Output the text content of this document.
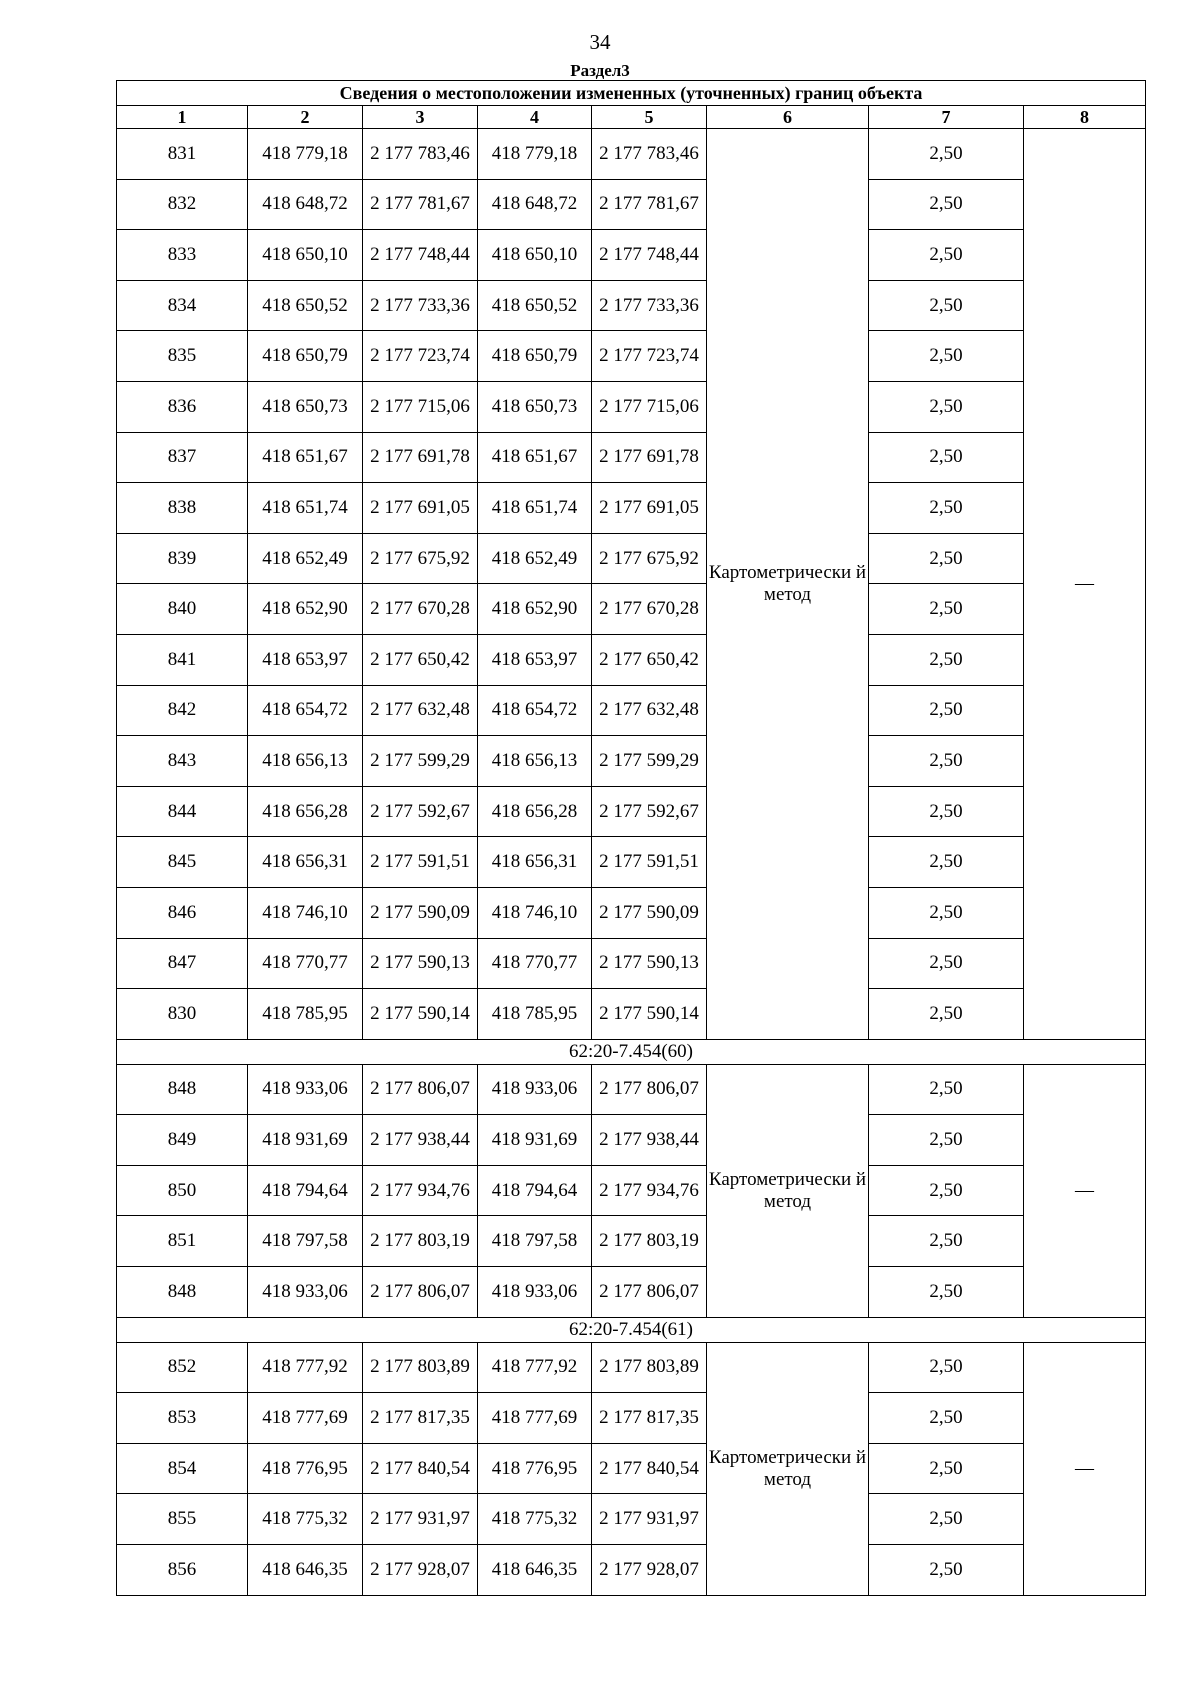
34
Сведения о местоположении измененных (уточненных) границ объекта							
1	2	3	4	5	6	7	8
831	418 779,18	2 177 783,46	418 779,18	2 177 783,46	Картометрически й метод	2,50	—
832	418 648,72	2 177 781,67	418 648,72	2 177 781,67		2,50	
833	418 650,10	2 177 748,44	418 650,10	2 177 748,44		2,50	
834	418 650,52	2 177 733,36	418 650,52	2 177 733,36		2,50	
835	418 650,79	2 177 723,74	418 650,79	2 177 723,74		2,50	
836	418 650,73	2 177 715,06	418 650,73	2 177 715,06		2,50	
837	418 651,67	2 177 691,78	418 651,67	2 177 691,78		2,50	
838	418 651,74	2 177 691,05	418 651,74	2 177 691,05		2,50	
839	418 652,49	2 177 675,92	418 652,49	2 177 675,92		2,50	
840	418 652,90	2 177 670,28	418 652,90	2 177 670,28		2,50	
841	418 653,97	2 177 650,42	418 653,97	2 177 650,42		2,50	
842	418 654,72	2 177 632,48	418 654,72	2 177 632,48		2,50	
843	418 656,13	2 177 599,29	418 656,13	2 177 599,29		2,50	
844	418 656,28	2 177 592,67	418 656,28	2 177 592,67		2,50	
845	418 656,31	2 177 591,51	418 656,31	2 177 591,51		2,50	
846	418 746,10	2 177 590,09	418 746,10	2 177 590,09		2,50	
847	418 770,77	2 177 590,13	418 770,77	2 177 590,13		2,50	
830	418 785,95	2 177 590,14	418 785,95	2 177 590,14		2,50	
62:20-7.454(60)							
848	418 933,06	2 177 806,07	418 933,06	2 177 806,07	Картометрически й метод	2,50	—
849	418 931,69	2 177 938,44	418 931,69	2 177 938,44		2,50	
850	418 794,64	2 177 934,76	418 794,64	2 177 934,76		2,50	
851	418 797,58	2 177 803,19	418 797,58	2 177 803,19		2,50	
848	418 933,06	2 177 806,07	418 933,06	2 177 806,07		2,50	
62:20-7.454(61)							
852	418 777,92	2 177 803,89	418 777,92	2 177 803,89	Картометрически й метод	2,50	—
853	418 777,69	2 177 817,35	418 777,69	2 177 817,35		2,50	
854	418 776,95	2 177 840,54	418 776,95	2 177 840,54		2,50	
855	418 775,32	2 177 931,97	418 775,32	2 177 931,97		2,50	
856	418 646,35	2 177 928,07	418 646,35	2 177 928,07		2,50	
Раздел3
